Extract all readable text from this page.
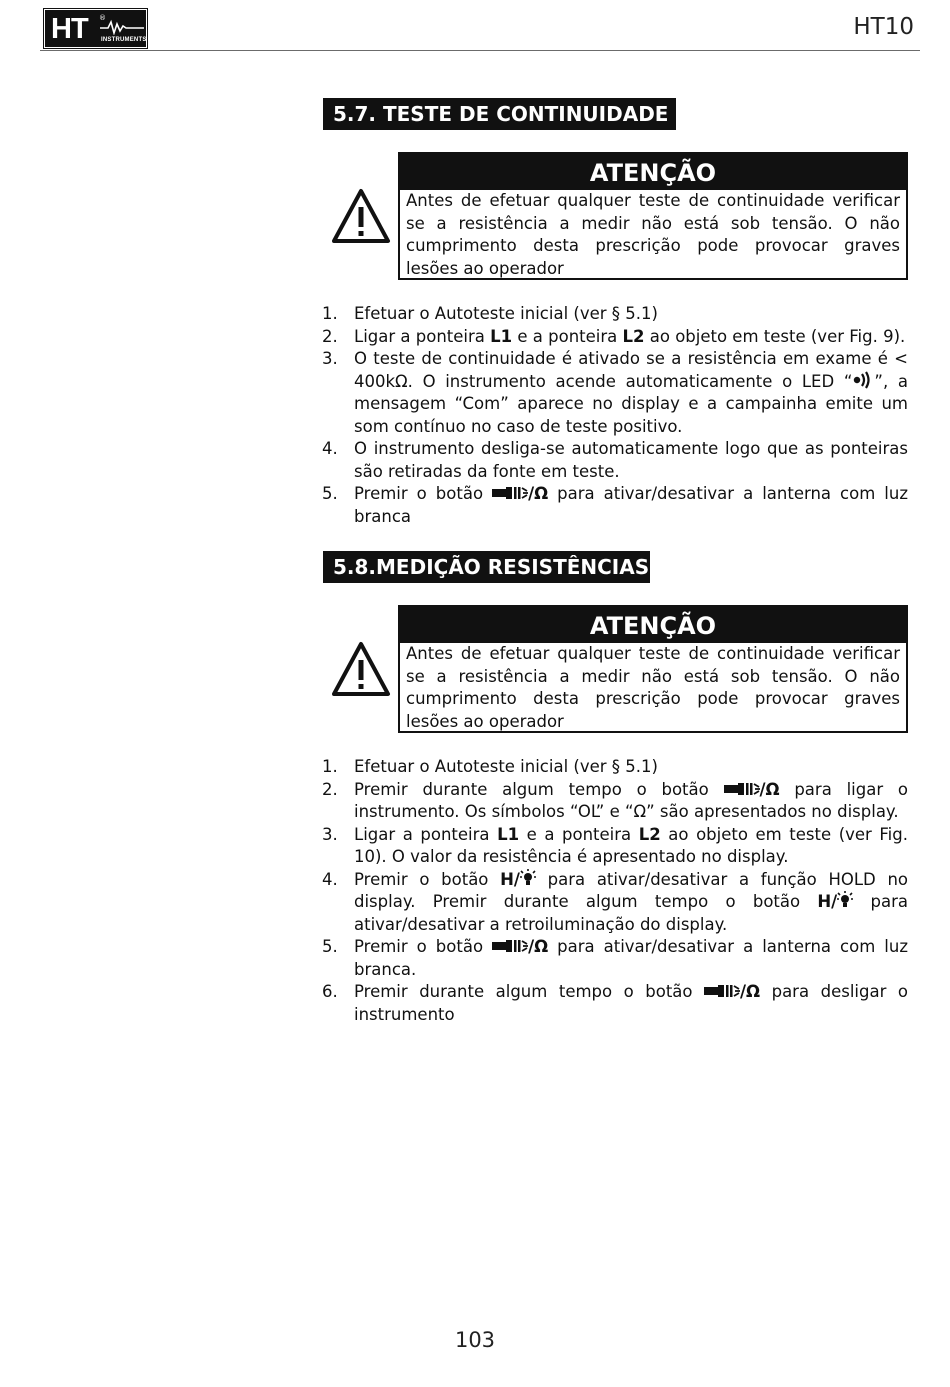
HT ®
INSTRUMENTS	HT10
5.7. TESTE DE CONTINUIDADE
ATENÇÃO
Antes de efetuar qualquer teste de continuidade verificar se a resistência a medir não está sob tensão. O não cumprimento desta prescrição pode provocar graves lesões ao operador
1. Efetuar o Autoteste inicial (ver § 5.1)
2. Ligar a ponteira L1 e a ponteira L2 ao objeto em teste (ver Fig. 9).
3. O teste de continuidade é ativado se a resistência em exame é < 400kΩ. O instrumento acende automaticamente o LED “ ”, a mensagem “Com” aparece no display e a campainha emite um som contínuo no caso de teste positivo.
4. O instrumento desliga-se automaticamente logo que as ponteiras são retiradas da fonte em teste.
5. Premir o botão /Ω para ativar/desativar a lanterna com luz branca
5.8.MEDIÇÃO RESISTÊNCIAS
ATENÇÃO
Antes de efetuar qualquer teste de continuidade verificar se a resistência a medir não está sob tensão. O não cumprimento desta prescrição pode provocar graves lesões ao operador
1. Efetuar o Autoteste inicial (ver § 5.1)
2. Premir durante algum tempo o botão /Ω para ligar o instrumento. Os símbolos “OL” e “Ω” são apresentados no display.
3. Ligar a ponteira L1 e a ponteira L2 ao objeto em teste (ver Fig. 10). O valor da resistência é apresentado no display.
4. Premir o botão H/ para ativar/desativar a função HOLD no display. Premir durante algum tempo o botão H/ para ativar/desativar a retroiluminação do display.
5. Premir o botão /Ω para ativar/desativar a lanterna com luz branca.
6. Premir durante algum tempo o botão /Ω para desligar o instrumento
103
